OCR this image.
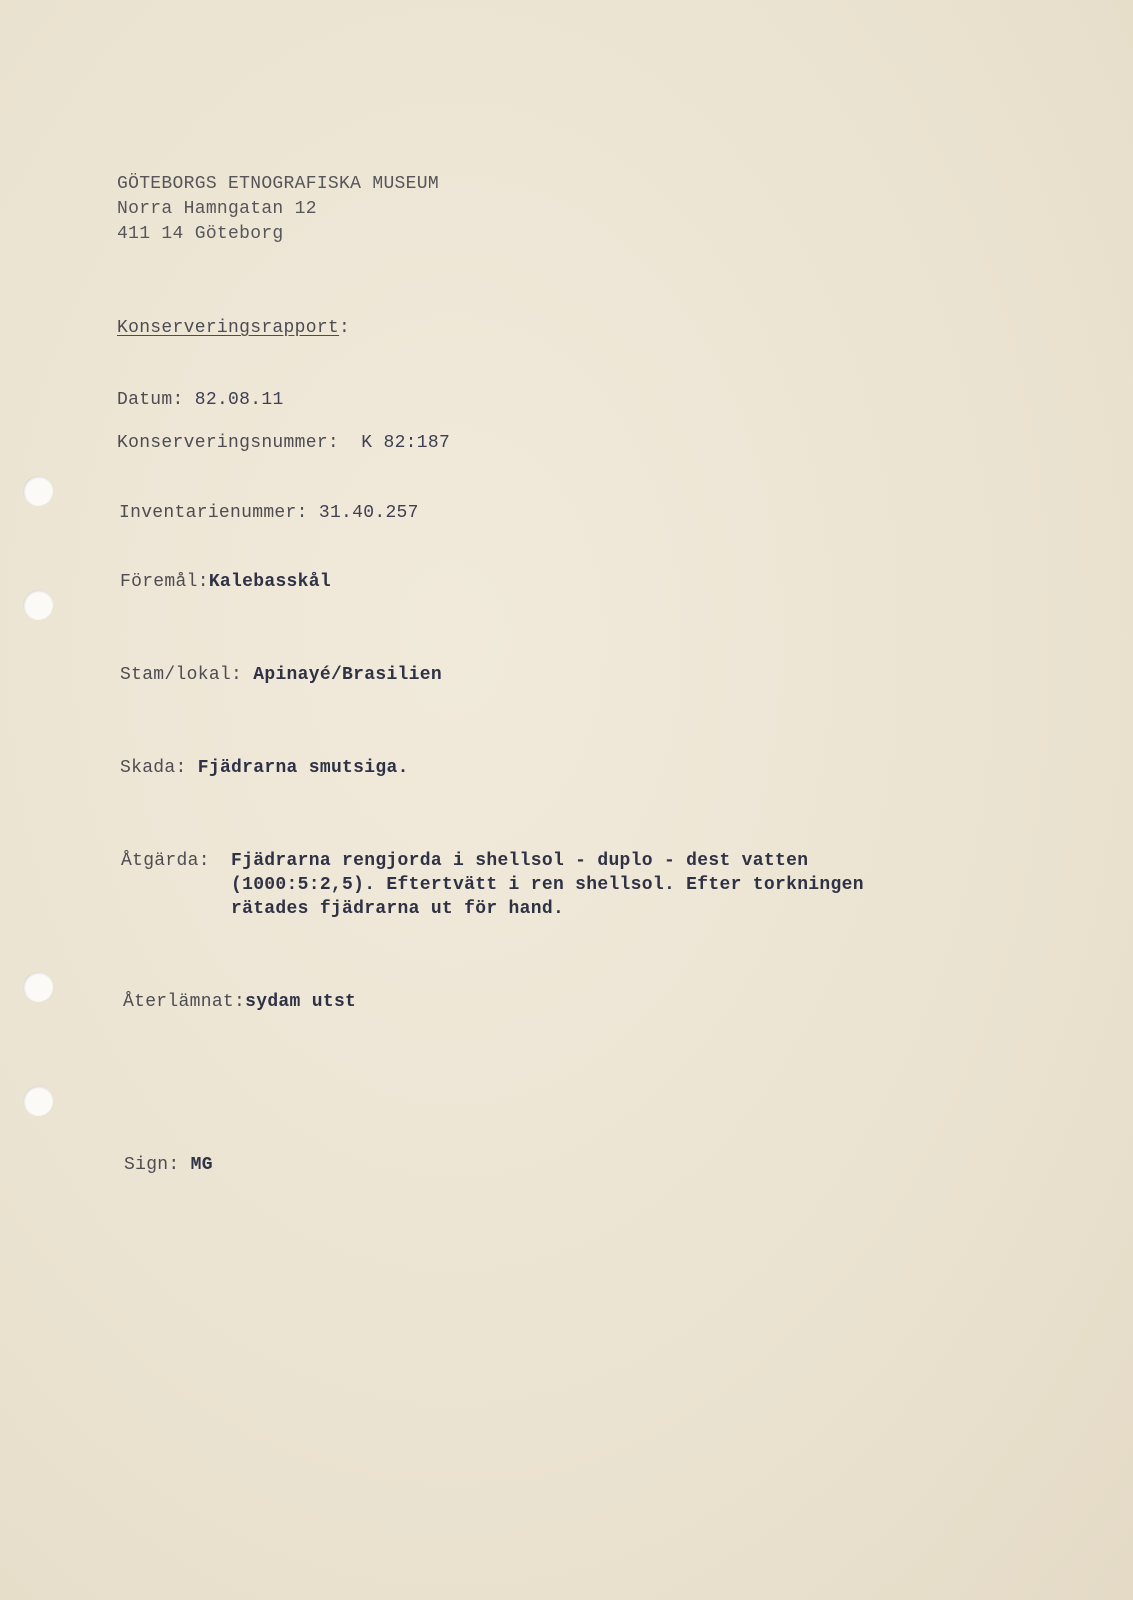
GÖTEBORGS ETNOGRAFISKA MUSEUM
Norra Hamngatan 12
411 14 Göteborg
Konserveringsrapport:
Datum: 82.08.11
Konserveringsnummer: K 82:187
Inventarienummer: 31.40.257
Föremål:Kalebasskål
Stam/lokal: Apinayé/Brasilien
Skada: Fjädrarna smutsiga.
Åtgärda: Fjädrarna rengjorda i shellsol - duplo - dest vatten
(1000:5:2,5). Eftertvätt i ren shellsol. Efter torkningen
rätades fjädrarna ut för hand.
Återlämnat:sydam utst
Sign: MG
